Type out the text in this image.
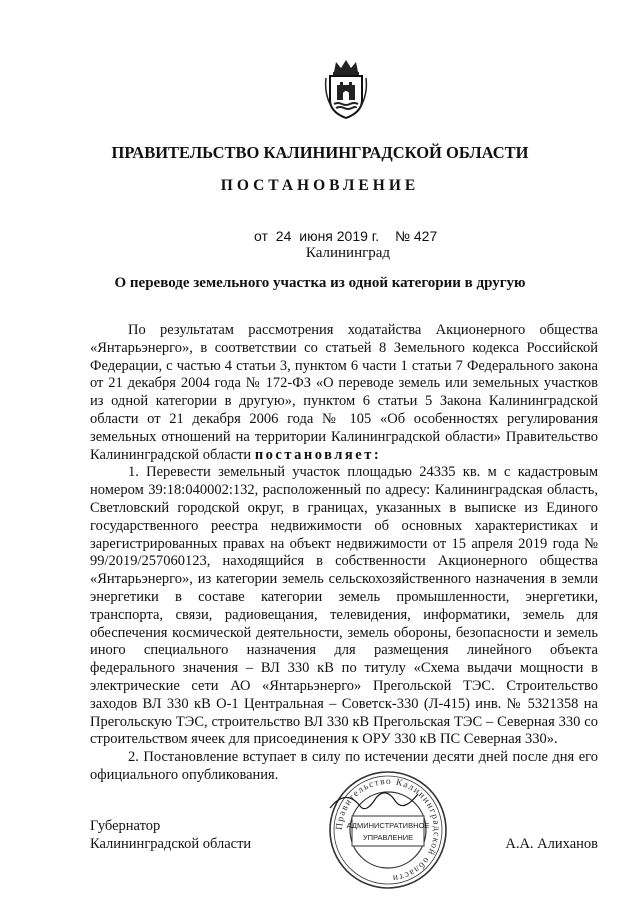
ПРАВИТЕЛЬСТВО КАЛИНИНГРАДСКОЙ ОБЛАСТИ
ПОСТАНОВЛЕНИЕ
от 24 июня 2019 г. № 427
Калининград
О переводе земельного участка из одной категории в другую

По результатам рассмотрения ходатайства Акционерного общества «Янтарьэнерго», в соответствии со статьей 8 Земельного кодекса Российской Федерации, с частью 4 статьи 3, пунктом 6 части 1 статьи 7 Федерального закона от 21 декабря 2004 года № 172-ФЗ «О переводе земель или земельных участков из одной категории в другую», пунктом 6 статьи 5 Закона Калининградской области от 21 декабря 2006 года № 105 «Об особенностях регулирования земельных отношений на территории Калининградской области» Правительство Калининградской области постановляет:

1. Перевести земельный участок площадью 24335 кв. м с кадастровым номером 39:18:040002:132, расположенный по адресу: Калининградская область, Светловский городской округ, в границах, указанных в выписке из Единого государственного реестра недвижимости об основных характеристиках и зарегистрированных правах на объект недвижимости от 15 апреля 2019 года № 99/2019/257060123, находящийся в собственности Акционерного общества «Янтарьэнерго», из категории земель сельскохозяйственного назначения в земли энергетики в составе категории земель промышленности, энергетики, транспорта, связи, радиовещания, телевидения, информатики, земель для обеспечения космической деятельности, земель обороны, безопасности и земель иного специального назначения для размещения линейного объекта федерального значения – ВЛ 330 кВ по титулу «Схема выдачи мощности в электрические сети АО «Янтарьэнерго» Прегольской ТЭС. Строительство заходов ВЛ 330 кВ О-1 Центральная – Советск-330 (Л-415) инв. № 5321358 на Прегольскую ТЭС, строительство ВЛ 330 кВ Прегольская ТЭС – Северная 330 со строительством ячеек для присоединения к ОРУ 330 кВ ПС Северная 330».

2. Постановление вступает в силу по истечении десяти дней после дня его официального опубликования.

Губернатор
Калининградской области	А.А. Алиханов
Правительство Калининградской области
АДМИНИСТРАТИВНОЕ
УПРАВЛЕНИЕ
